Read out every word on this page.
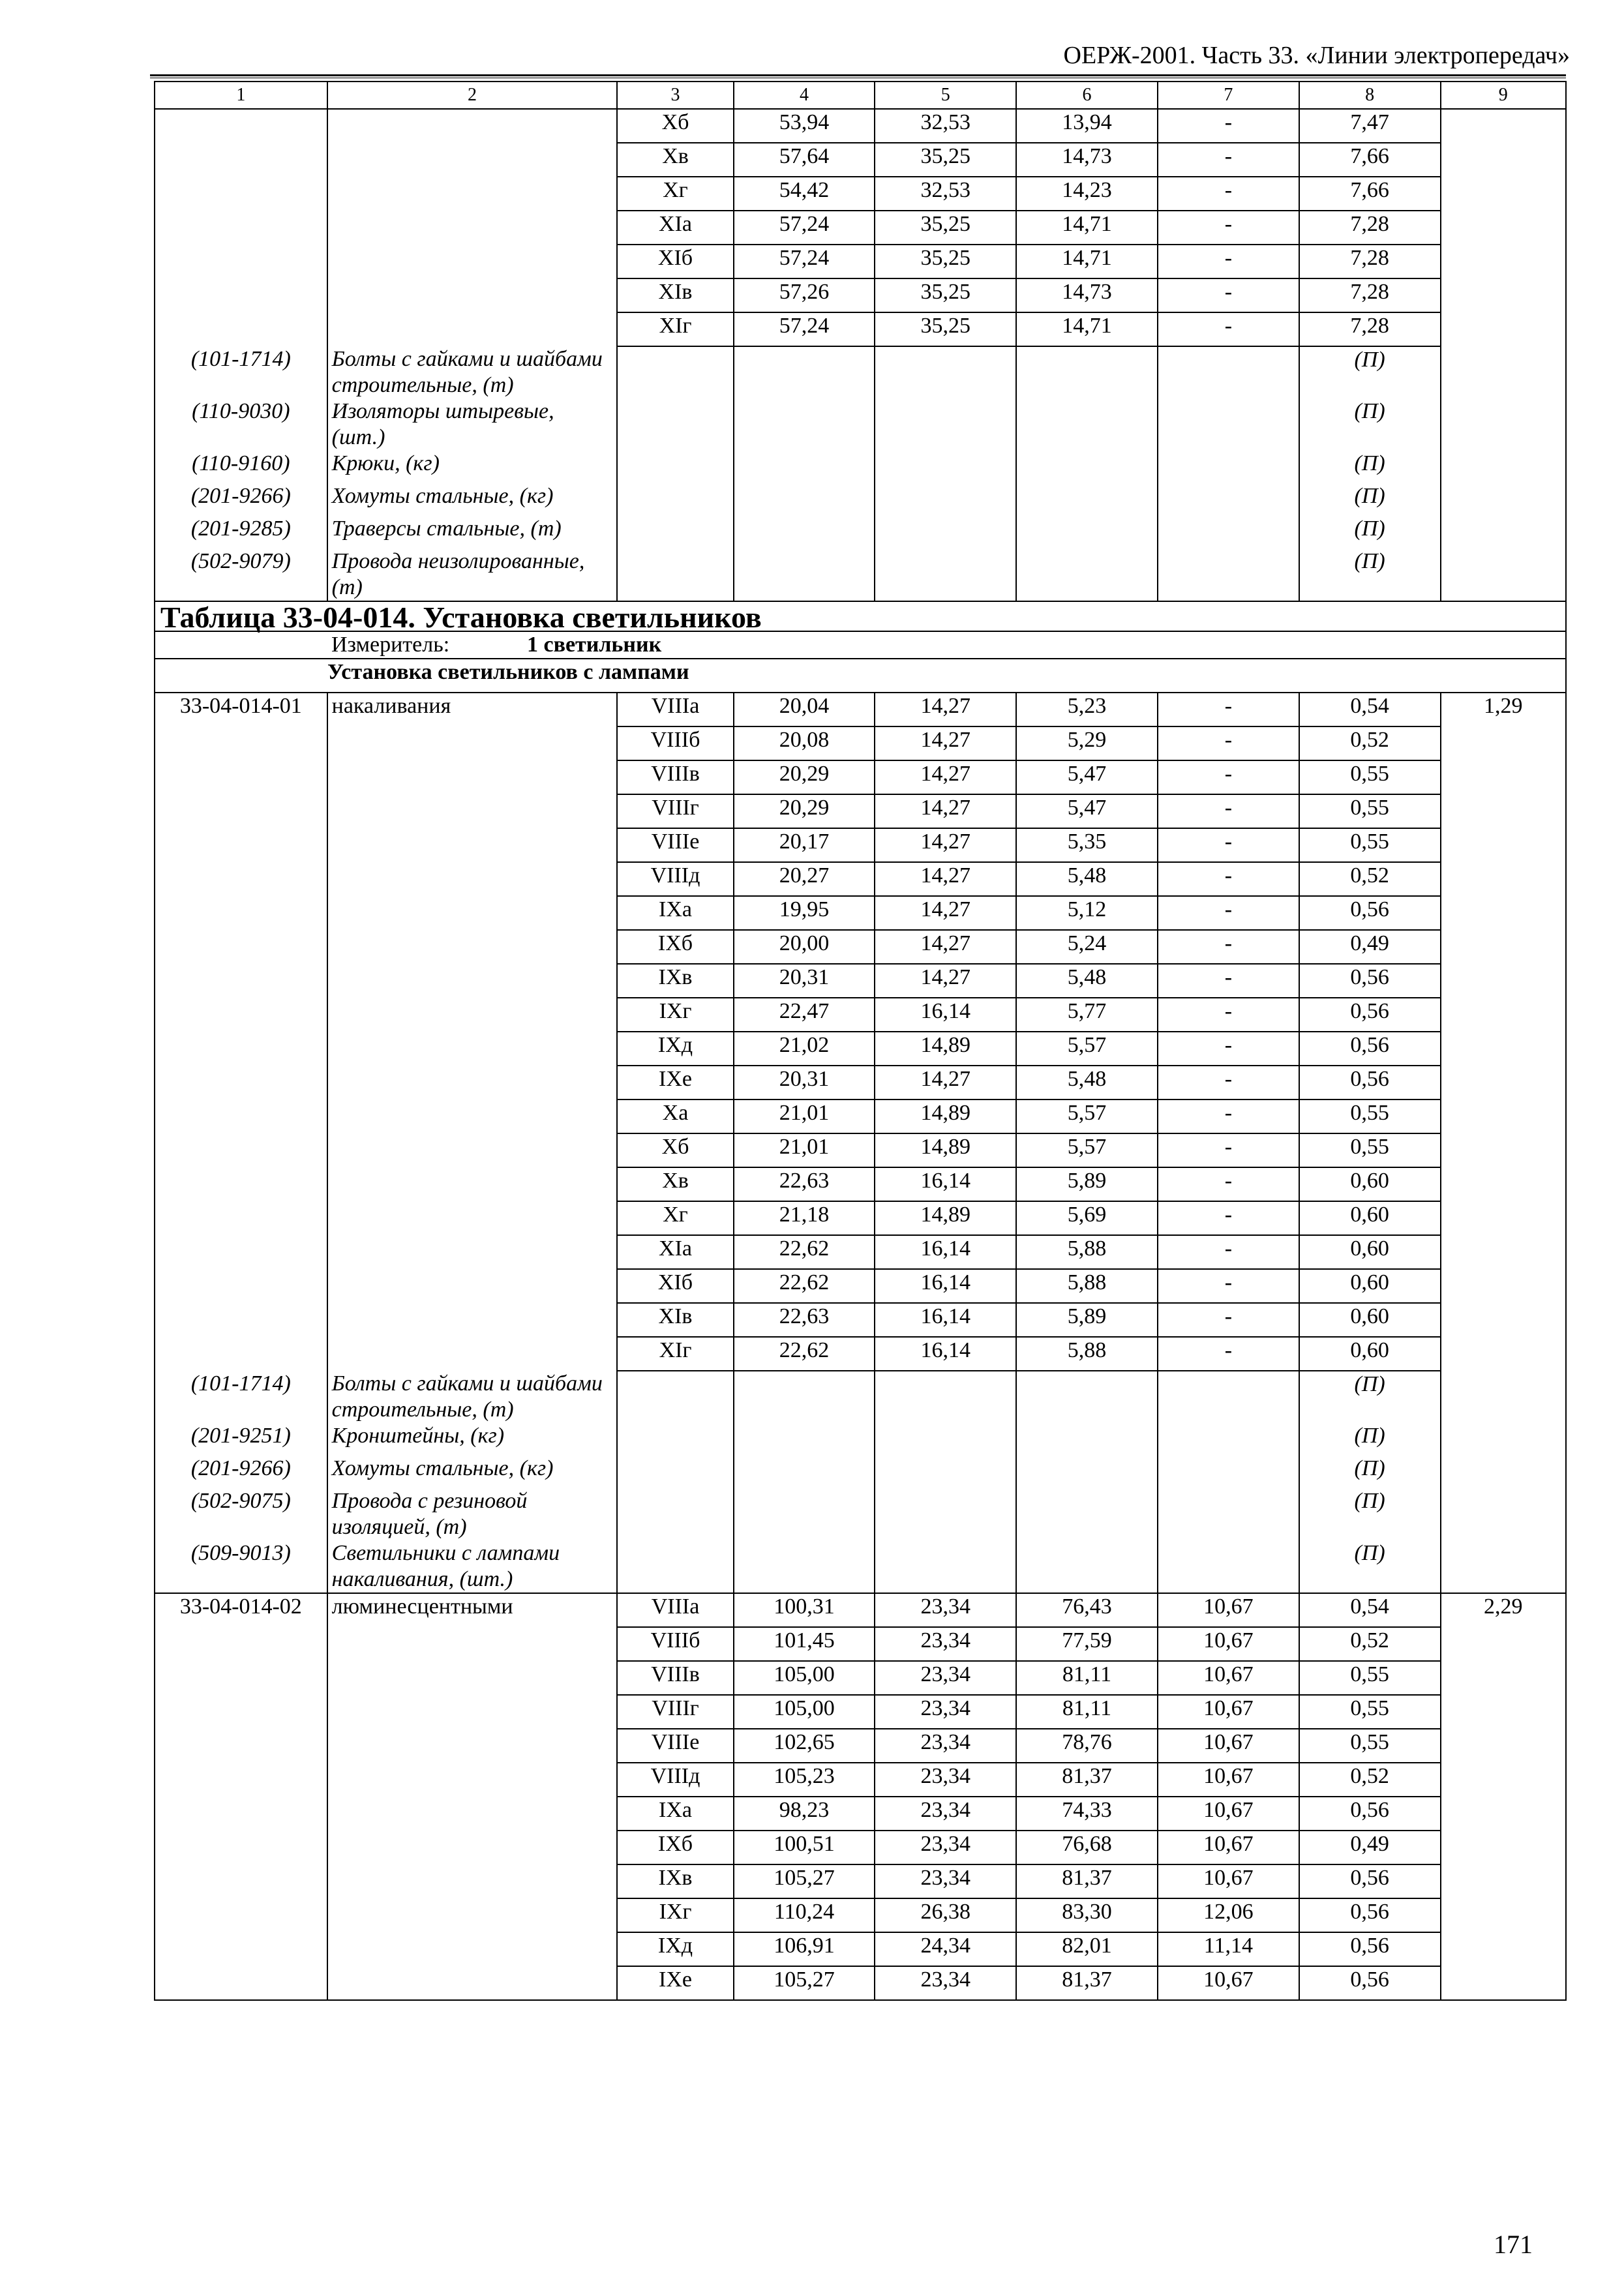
ОЕРЖ-2001. Часть 33. «Линии электропередач»
1	2	3	4	5	6	7	8	9
		Хб	53,94	32,53	13,94	-	7,47	
		Хв	57,64	35,25	14,73	-	7,66	
		Хг	54,42	32,53	14,23	-	7,66	
		ХIа	57,24	35,25	14,71	-	7,28	
		ХIб	57,24	35,25	14,71	-	7,28	
		ХIв	57,26	35,25	14,73	-	7,28	
		ХIг	57,24	35,25	14,71	-	7,28	
(101-1714)	Болты с гайками и шайбами строительные, (т)						(П)	
(110-9030)	Изоляторы штыревые, (шт.)						(П)	
(110-9160)	Крюки, (кг)						(П)	
(201-9266)	Хомуты стальные, (кг)						(П)	
(201-9285)	Траверсы стальные, (т)						(П)	
(502-9079)	Провода неизолированные, (т)						(П)	
Таблица 33-04-014. Установка светильников								
Измеритель: 1 светильник								
Установка светильников с лампами								
33-04-014-01	накаливания	VIIIа	20,04	14,27	5,23	-	0,54	1,29
		VIIIб	20,08	14,27	5,29	-	0,52	
		VIIIв	20,29	14,27	5,47	-	0,55	
		VIIIг	20,29	14,27	5,47	-	0,55	
		VIIIе	20,17	14,27	5,35	-	0,55	
		VIIIд	20,27	14,27	5,48	-	0,52	
		IХа	19,95	14,27	5,12	-	0,56	
		IХб	20,00	14,27	5,24	-	0,49	
		IХв	20,31	14,27	5,48	-	0,56	
		IХг	22,47	16,14	5,77	-	0,56	
		IХд	21,02	14,89	5,57	-	0,56	
		IХе	20,31	14,27	5,48	-	0,56	
		Ха	21,01	14,89	5,57	-	0,55	
		Хб	21,01	14,89	5,57	-	0,55	
		Хв	22,63	16,14	5,89	-	0,60	
		Хг	21,18	14,89	5,69	-	0,60	
		ХIа	22,62	16,14	5,88	-	0,60	
		ХIб	22,62	16,14	5,88	-	0,60	
		ХIв	22,63	16,14	5,89	-	0,60	
		ХIг	22,62	16,14	5,88	-	0,60	
(101-1714)	Болты с гайками и шайбами строительные, (т)						(П)	
(201-9251)	Кронштейны, (кг)						(П)	
(201-9266)	Хомуты стальные, (кг)						(П)	
(502-9075)	Провода с резиновой изоляцией, (т)						(П)	
(509-9013)	Светильники с лампами накаливания, (шт.)						(П)	
33-04-014-02	люминесцентными	VIIIа	100,31	23,34	76,43	10,67	0,54	2,29
		VIIIб	101,45	23,34	77,59	10,67	0,52	
		VIIIв	105,00	23,34	81,11	10,67	0,55	
		VIIIг	105,00	23,34	81,11	10,67	0,55	
		VIIIе	102,65	23,34	78,76	10,67	0,55	
		VIIIд	105,23	23,34	81,37	10,67	0,52	
		IХа	98,23	23,34	74,33	10,67	0,56	
		IХб	100,51	23,34	76,68	10,67	0,49	
		IХв	105,27	23,34	81,37	10,67	0,56	
		IХг	110,24	26,38	83,30	12,06	0,56	
		IХд	106,91	24,34	82,01	11,14	0,56	
		IХе	105,27	23,34	81,37	10,67	0,56	
171
